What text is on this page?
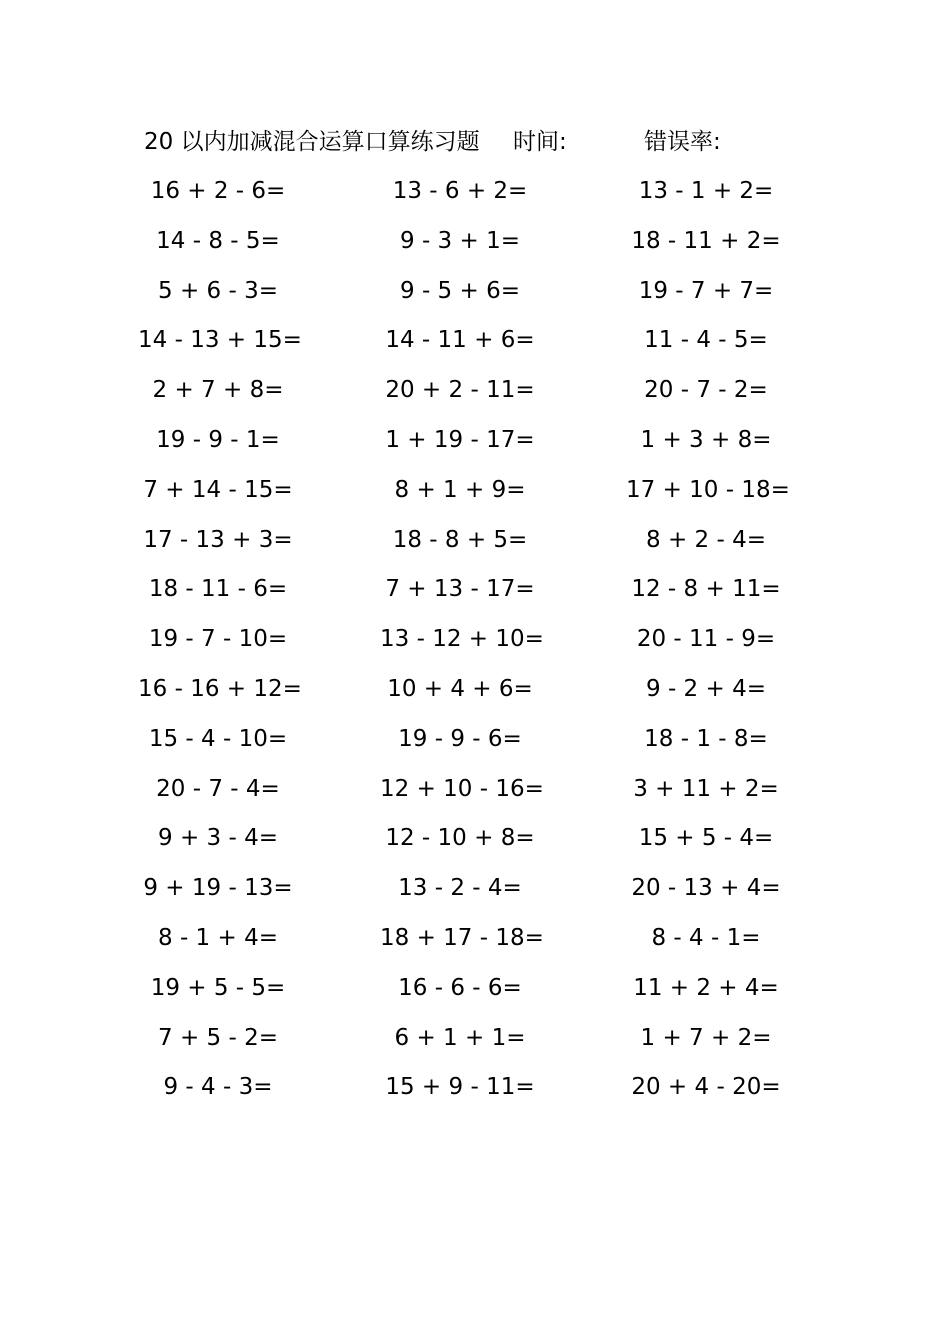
20 以内加减混合运算口算练习题 时间:	错误率:
16 + 2 - 6=	13 - 6 + 2=	13 - 1 + 2=
14 - 8 - 5=	9 - 3 + 1=	18 - 11 + 2=
5 + 6 - 3=	9 - 5 + 6=	19 - 7 + 7=
14 - 13 + 15=	14 - 11 + 6=	11 - 4 - 5=
2 + 7 + 8=	20 + 2 - 11=	20 - 7 - 2=
19 - 9 - 1=	1 + 19 - 17=	1 + 3 + 8=
7 + 14 - 15=	8 + 1 + 9=	17 + 10 - 18=
17 - 13 + 3=	18 - 8 + 5=	8 + 2 - 4=
18 - 11 - 6=	7 + 13 - 17=	12 - 8 + 11=
19 - 7 - 10=	13 - 12 + 10=	20 - 11 - 9=
16 - 16 + 12=	10 + 4 + 6=	9 - 2 + 4=
15 - 4 - 10=	19 - 9 - 6=	18 - 1 - 8=
20 - 7 - 4=	12 + 10 - 16=	3 + 11 + 2=
9 + 3 - 4=	12 - 10 + 8=	15 + 5 - 4=
9 + 19 - 13=	13 - 2 - 4=	20 - 13 + 4=
8 - 1 + 4=	18 + 17 - 18=	8 - 4 - 1=
19 + 5 - 5=	16 - 6 - 6=	11 + 2 + 4=
7 + 5 - 2=	6 + 1 + 1=	1 + 7 + 2=
9 - 4 - 3=	15 + 9 - 11=	20 + 4 - 20=
